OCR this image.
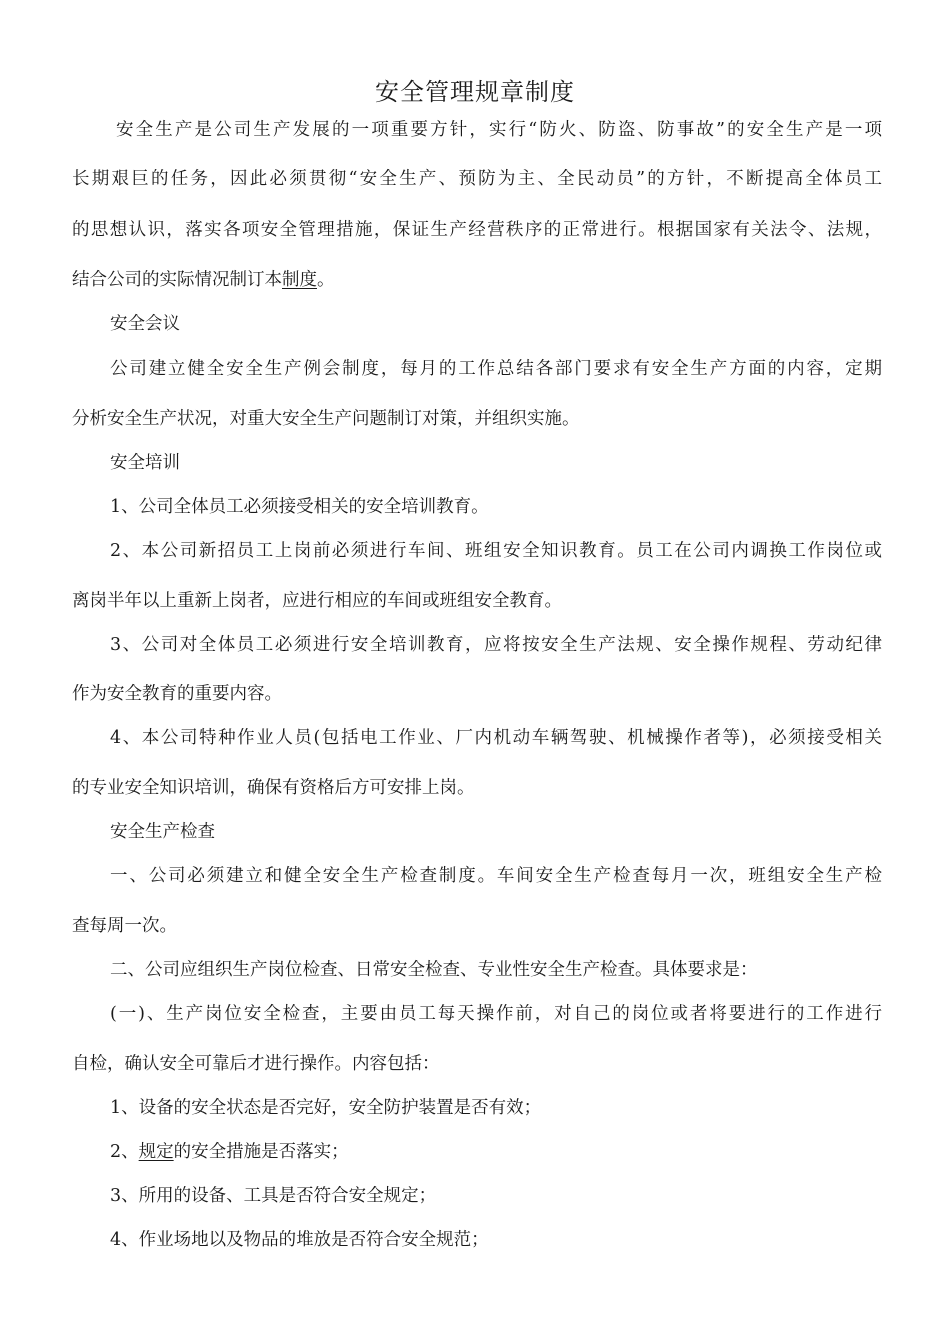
安全管理规章制度

安全生产是公司生产发展的一项重要方针，实行“防火、防盗、防事故”的安全生产是一项

长期艰巨的任务，因此必须贯彻“安全生产、预防为主、全民动员”的方针，不断提高全体员工

的思想认识，落实各项安全管理措施，保证生产经营秩序的正常进行。根据国家有关法令、法规，

结合公司的实际情况制订本制度。

安全会议

公司建立健全安全生产例会制度，每月的工作总结各部门要求有安全生产方面的内容，定期

分析安全生产状况，对重大安全生产问题制订对策，并组织实施。

安全培训

1、公司全体员工必须接受相关的安全培训教育。

2、本公司新招员工上岗前必须进行车间、班组安全知识教育。员工在公司内调换工作岗位或

离岗半年以上重新上岗者，应进行相应的车间或班组安全教育。

3、公司对全体员工必须进行安全培训教育，应将按安全生产法规、安全操作规程、劳动纪律

作为安全教育的重要内容。

4、本公司特种作业人员(包括电工作业、厂内机动车辆驾驶、机械操作者等)，必须接受相关

的专业安全知识培训，确保有资格后方可安排上岗。

安全生产检查

一、公司必须建立和健全安全生产检查制度。车间安全生产检查每月一次，班组安全生产检

查每周一次。

二、公司应组织生产岗位检查、日常安全检查、专业性安全生产检查。具体要求是：

(一)、生产岗位安全检查，主要由员工每天操作前，对自己的岗位或者将要进行的工作进行

自检，确认安全可靠后才进行操作。内容包括：

1、设备的安全状态是否完好，安全防护装置是否有效；

2、规定的安全措施是否落实；

3、所用的设备、工具是否符合安全规定；

4、作业场地以及物品的堆放是否符合安全规范；
